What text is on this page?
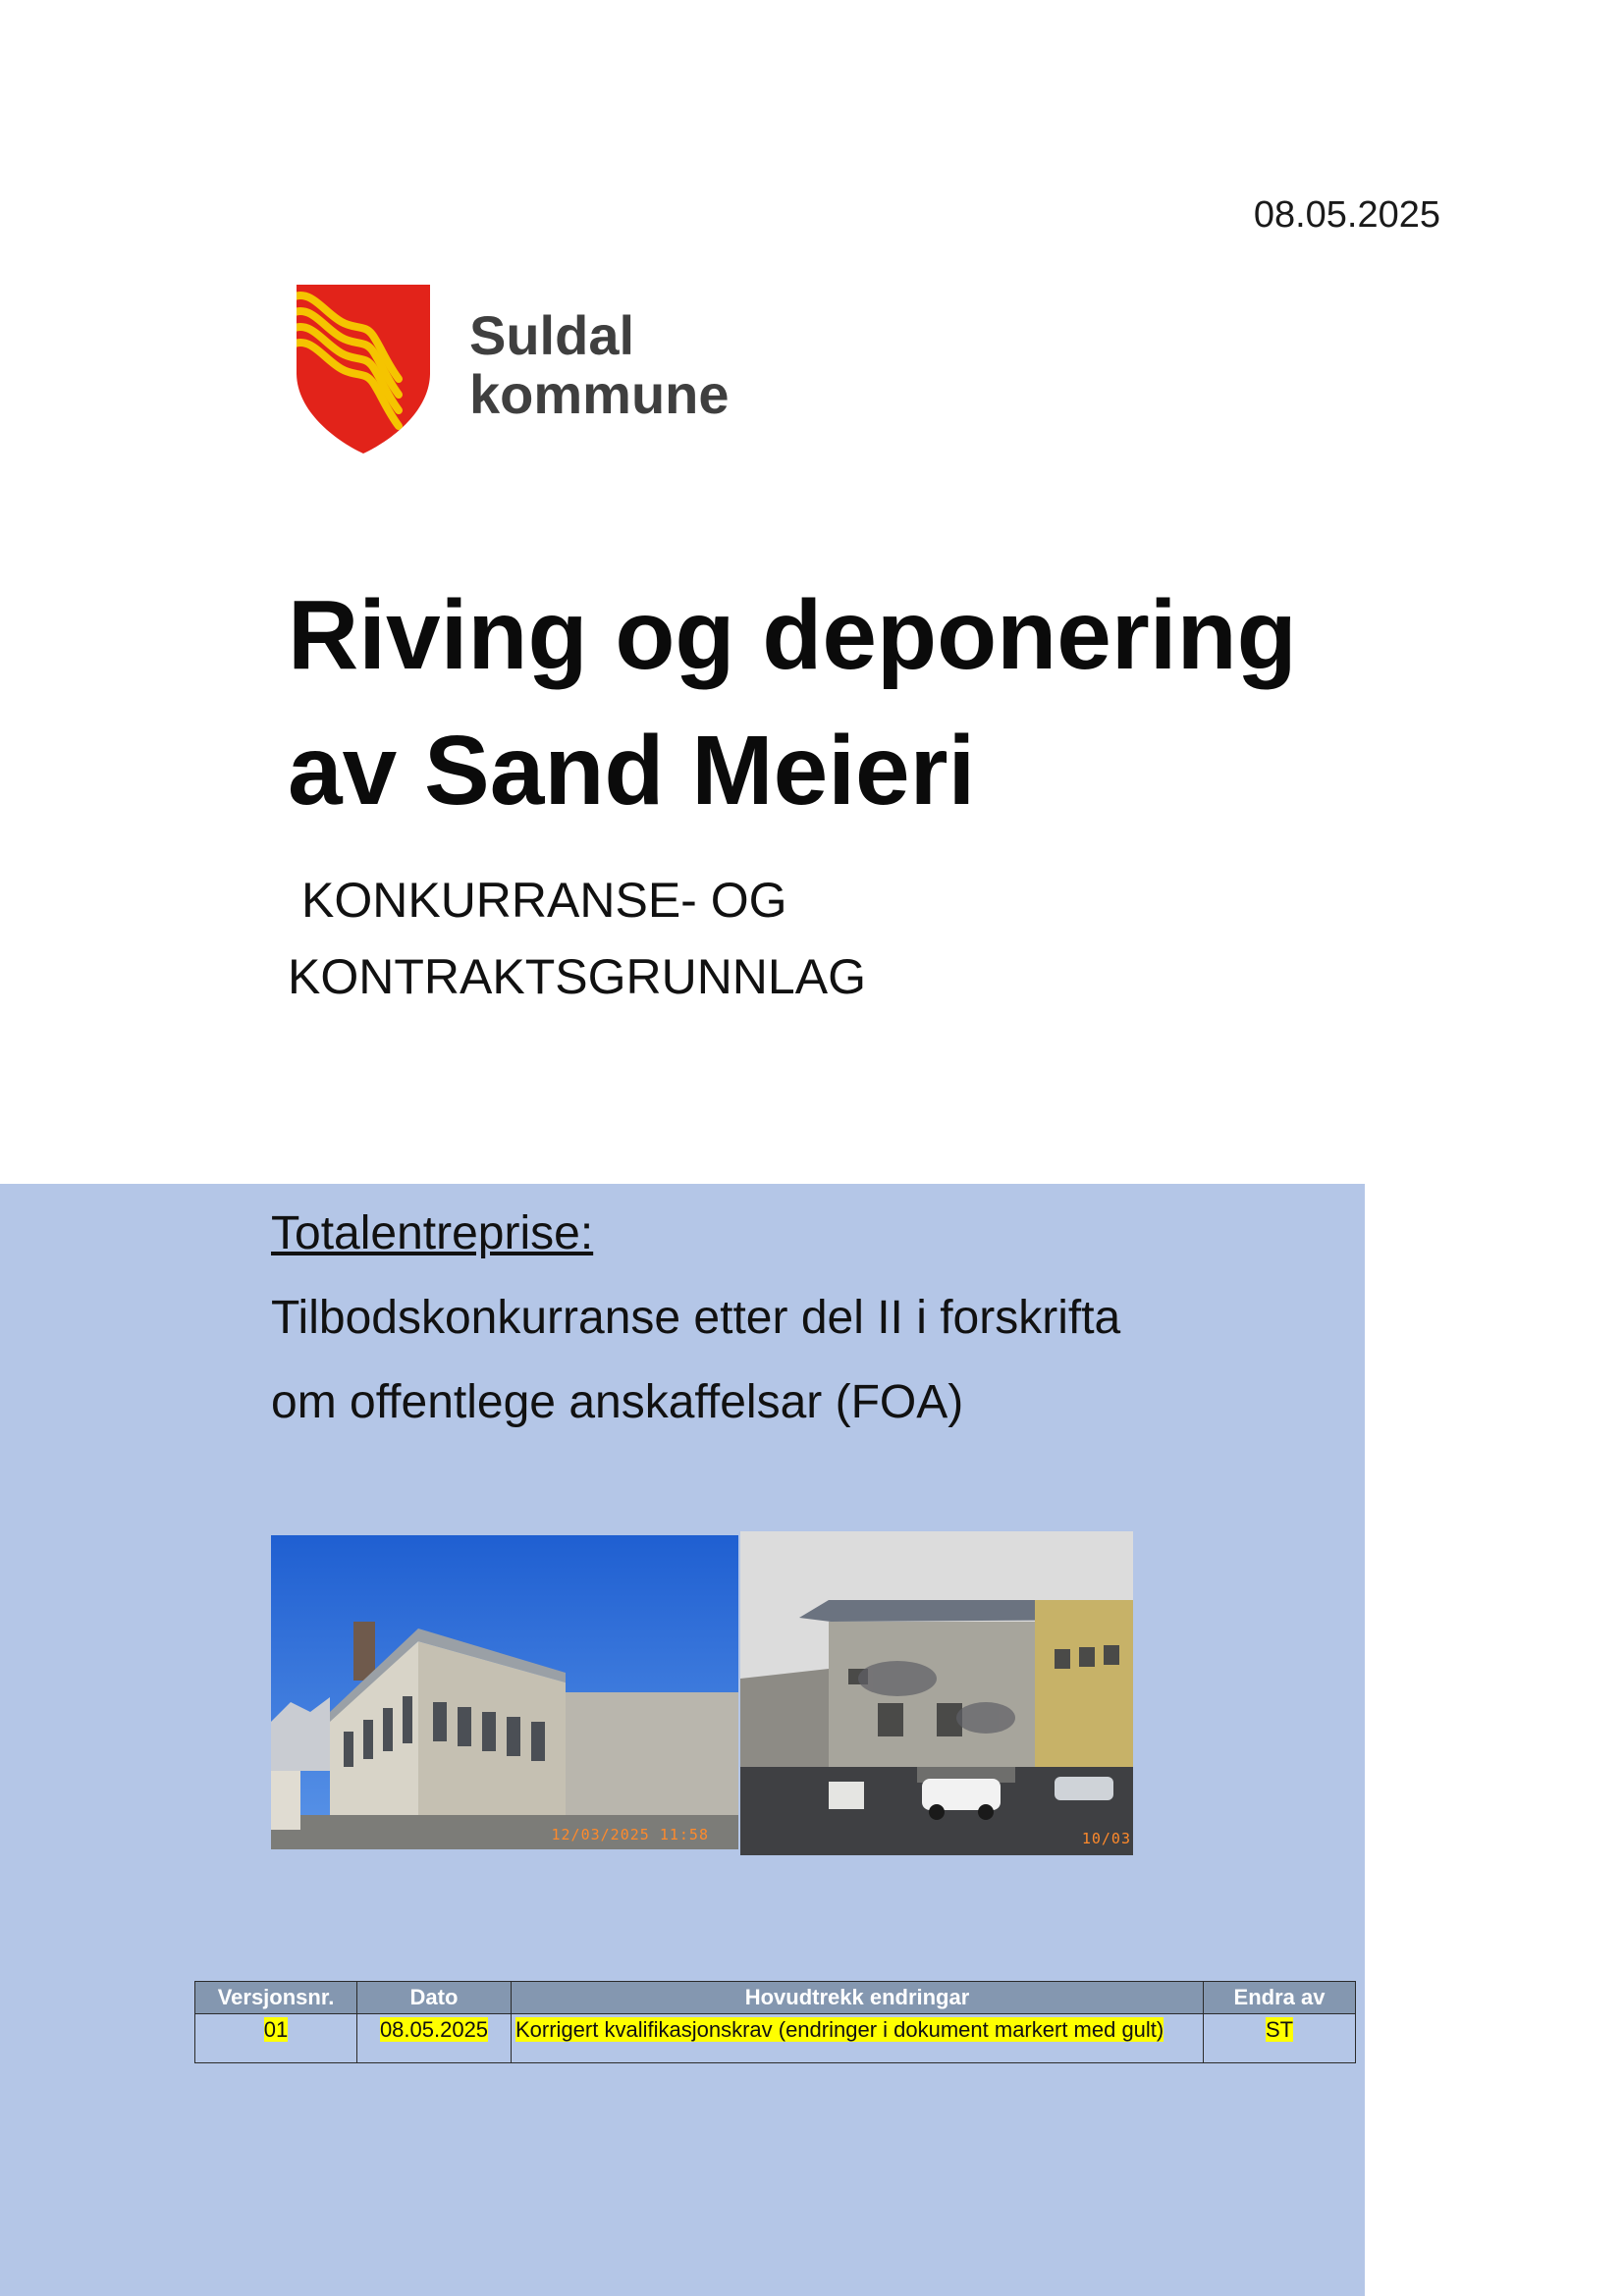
08.05.2025
Suldal
kommune
Riving og deponering
av Sand Meieri
KONKURRANSE- OG
KONTRAKTSGRUNNLAG
Totalentreprise:
Tilbodskonkurranse etter del II i forskrifta
om offentlege anskaffelsar (FOA)
12/03/2025 11:58	10/03
Versjonsnr.	Dato	Hovudtrekk endringar	Endra av
01	08.05.2025	Korrigert kvalifikasjonskrav (endringer i dokument markert med gult)	ST
